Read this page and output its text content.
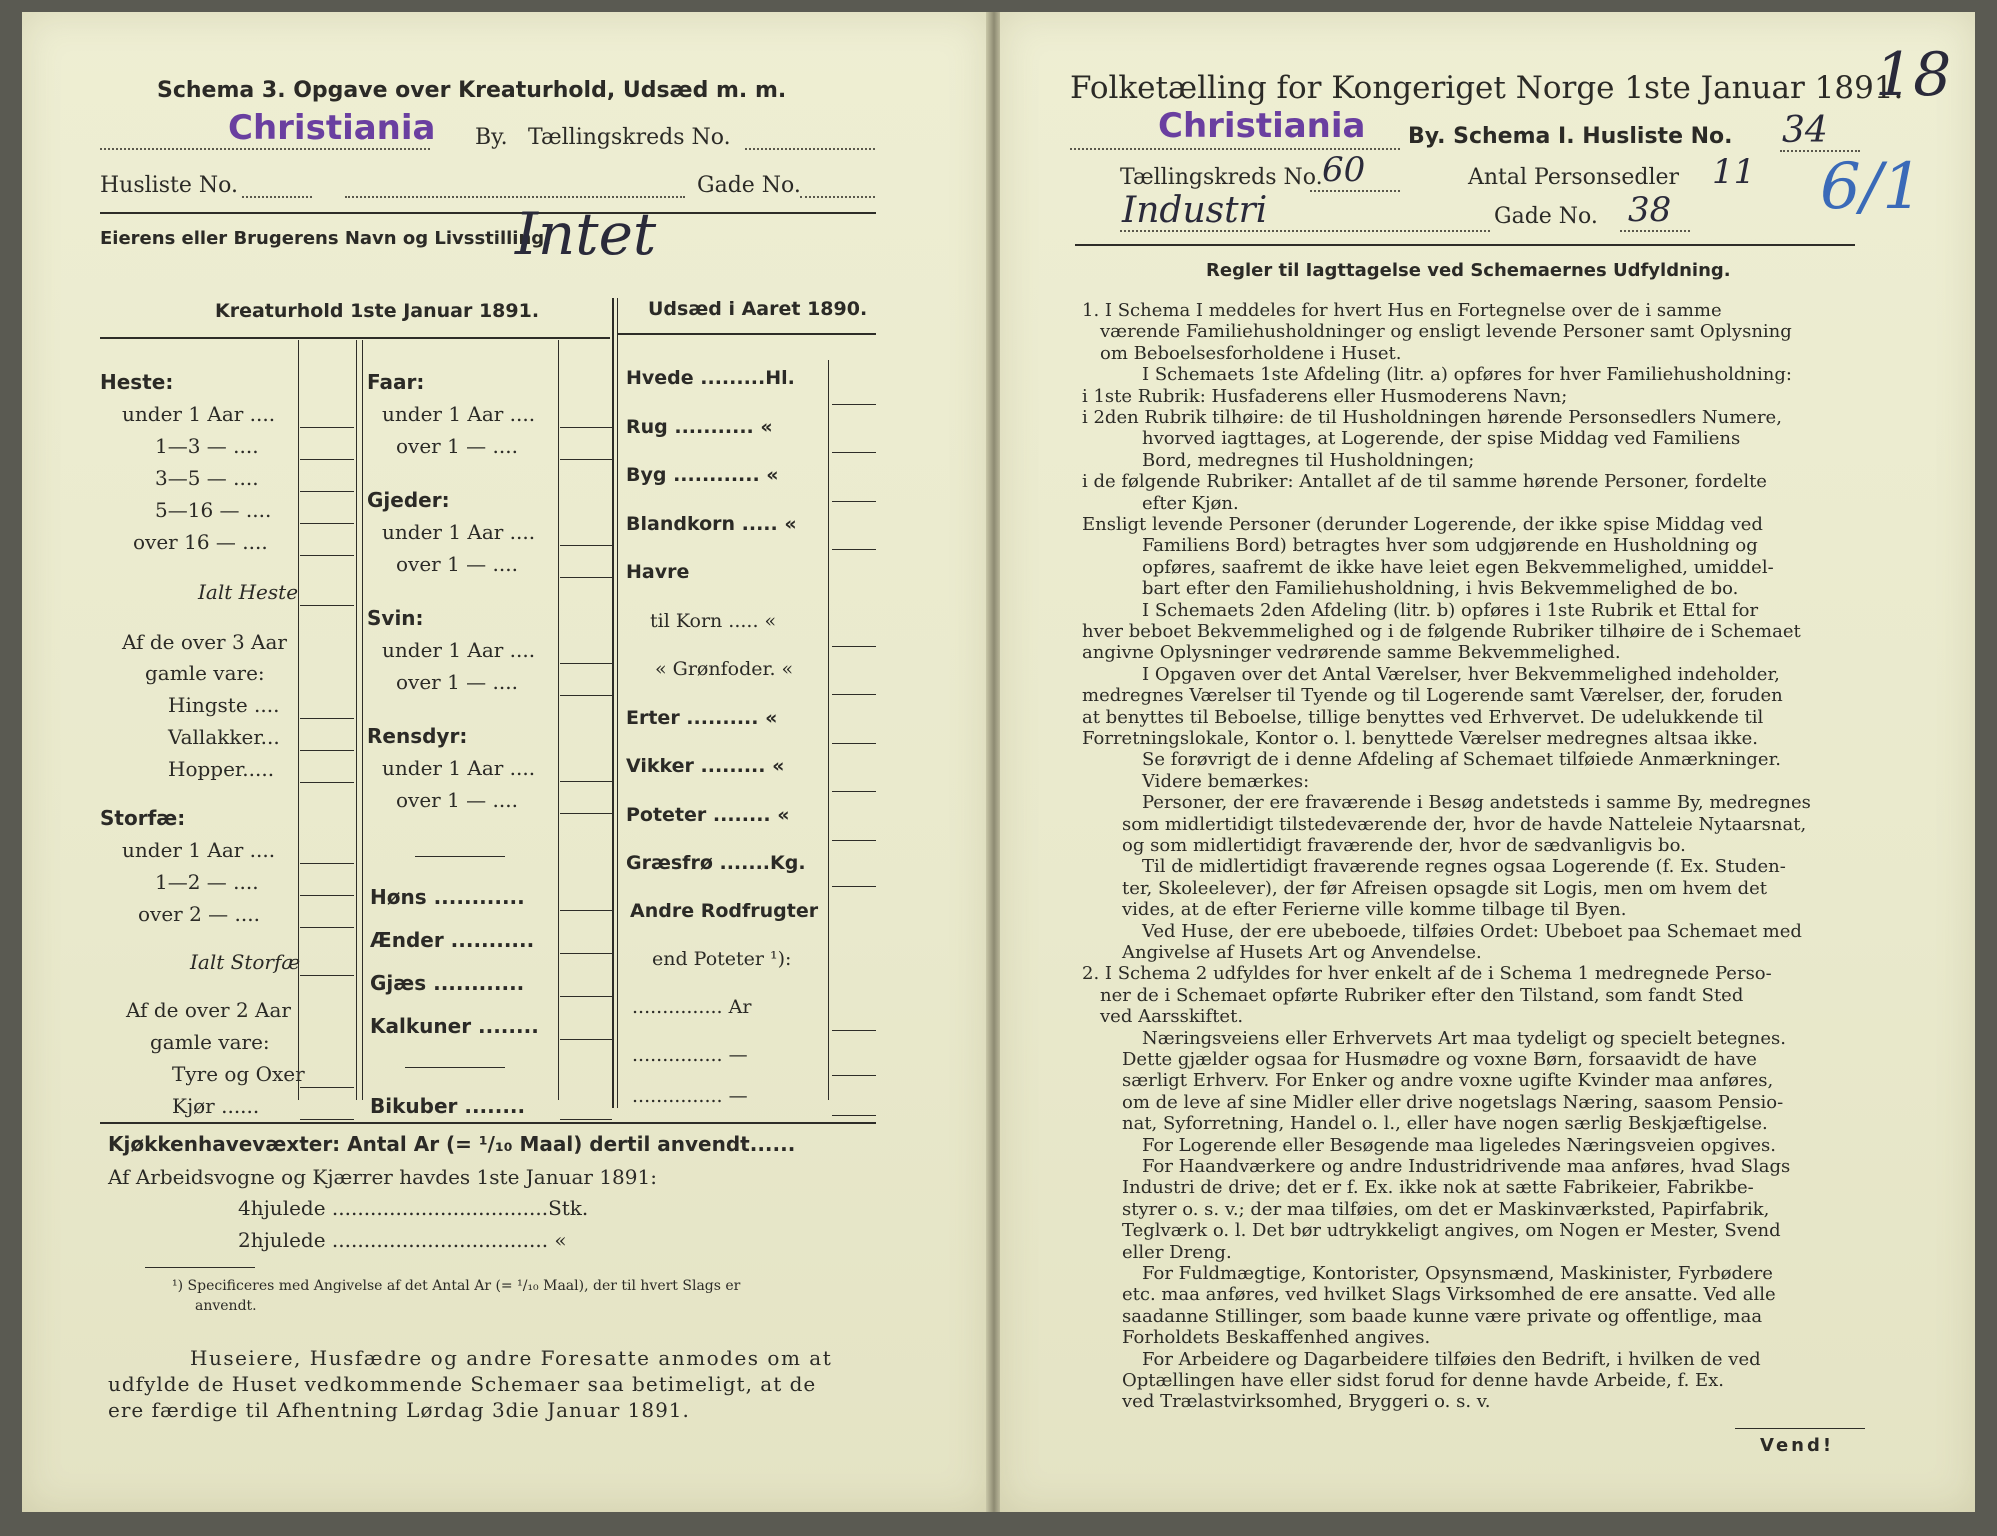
Schema 3. Opgave over Kreaturhold, Udsæd m. m.
Christiania By. Tællingskreds No.
Husliste No.	Gade No.
Eierens eller Brugerens Navn og Livsstilling:
Intet
Kreaturhold 1ste Januar 1891.	Udsæd i Aaret 1890.
Heste:
under 1 Aar ....
1—3 — ....
3—5 — ....
5—16 — ....
over 16 — ....
Ialt Heste
Af de over 3 Aar
gamle vare:
Hingste ....
Vallakker...
Hopper.....
Storfæ:
under 1 Aar ....
1—2 — ....
over 2 — ....
Ialt Storfæ
Af de over 2 Aar
gamle vare:
Tyre og Oxer
Kjør ......
Faar:
under 1 Aar ....
over 1 — ....
Gjeder:
under 1 Aar ....
over 1 — ....
Svin:
under 1 Aar ....
over 1 — ....
Rensdyr:
under 1 Aar ....
over 1 — ....
Høns ............
Ænder ...........
Gjæs ............
Kalkuner ........
Bikuber ........
Hvede .........Hl.
Rug ........... «
Byg ............ «
Blandkorn ..... «
Havre
til Korn ..... «
« Grønfoder. «
Erter .......... «
Vikker ......... «
Poteter ........ «
Græsfrø .......Kg.
Andre Rodfrugter
end Poteter ¹):
............... Ar
............... —
............... —
Kjøkkenhavevæxter: Antal Ar (= ¹/₁₀ Maal) dertil anvendt......
Af Arbeidsvogne og Kjærrer havdes 1ste Januar 1891:
4hjulede ..................................Stk.
2hjulede .................................. «
¹) Specificeres med Angivelse af det Antal Ar (= ¹/₁₀ Maal), der til hvert Slags er
anvendt.
Huseiere, Husfædre og andre Foresatte anmodes om at
udfylde de Huset vedkommende Schemaer saa betimeligt, at de
ere færdige til Afhentning Lørdag 3die Januar 1891.
Folketælling for Kongeriget Norge 1ste Januar 1891.
18
Christiania By. Schema I. Husliste No. 34
Tællingskreds No. 60	Antal Personsedler 11 6/1
Industri	Gade No. 38
Regler til Iagttagelse ved Schemaernes Udfyldning.
1. I Schema I meddeles for hvert Hus en Fortegnelse over de i samme
værende Familiehusholdninger og ensligt levende Personer samt Oplysning
om Beboelsesforholdene i Huset.
I Schemaets 1ste Afdeling (litr. a) opføres for hver Familiehusholdning:
i 1ste Rubrik: Husfaderens eller Husmoderens Navn;
i 2den Rubrik tilhøire: de til Husholdningen hørende Personsedlers Numere,
hvorved iagttages, at Logerende, der spise Middag ved Familiens
Bord, medregnes til Husholdningen;
i de følgende Rubriker: Antallet af de til samme hørende Personer, fordelte
efter Kjøn.
Ensligt levende Personer (derunder Logerende, der ikke spise Middag ved
Familiens Bord) betragtes hver som udgjørende en Husholdning og
opføres, saafremt de ikke have leiet egen Bekvemmelighed, umiddel-
bart efter den Familiehusholdning, i hvis Bekvemmelighed de bo.
I Schemaets 2den Afdeling (litr. b) opføres i 1ste Rubrik et Ettal for
hver beboet Bekvemmelighed og i de følgende Rubriker tilhøire de i Schemaet
angivne Oplysninger vedrørende samme Bekvemmelighed.
I Opgaven over det Antal Værelser, hver Bekvemmelighed indeholder,
medregnes Værelser til Tyende og til Logerende samt Værelser, der, foruden
at benyttes til Beboelse, tillige benyttes ved Erhvervet. De udelukkende til
Forretningslokale, Kontor o. l. benyttede Værelser medregnes altsaa ikke.
Se forøvrigt de i denne Afdeling af Schemaet tilføiede Anmærkninger.
Videre bemærkes:
Personer, der ere fraværende i Besøg andetsteds i samme By, medregnes
som midlertidigt tilstedeværende der, hvor de havde Natteleie Nytaarsnat,
og som midlertidigt fraværende der, hvor de sædvanligvis bo.
Til de midlertidigt fraværende regnes ogsaa Logerende (f. Ex. Studen-
ter, Skoleelever), der før Afreisen opsagde sit Logis, men om hvem det
vides, at de efter Ferierne ville komme tilbage til Byen.
Ved Huse, der ere ubeboede, tilføies Ordet: Ubeboet paa Schemaet med
Angivelse af Husets Art og Anvendelse.
2. I Schema 2 udfyldes for hver enkelt af de i Schema 1 medregnede Perso-
ner de i Schemaet opførte Rubriker efter den Tilstand, som fandt Sted
ved Aarsskiftet.
Næringsveiens eller Erhvervets Art maa tydeligt og specielt betegnes.
Dette gjælder ogsaa for Husmødre og voxne Børn, forsaavidt de have
særligt Erhverv. For Enker og andre voxne ugifte Kvinder maa anføres,
om de leve af sine Midler eller drive nogetslags Næring, saasom Pensio-
nat, Syforretning, Handel o. l., eller have nogen særlig Beskjæftigelse.
For Logerende eller Besøgende maa ligeledes Næringsveien opgives.
For Haandværkere og andre Industridrivende maa anføres, hvad Slags
Industri de drive; det er f. Ex. ikke nok at sætte Fabrikeier, Fabrikbe-
styrer o. s. v.; der maa tilføies, om det er Maskinværksted, Papirfabrik,
Teglværk o. l. Det bør udtrykkeligt angives, om Nogen er Mester, Svend
eller Dreng.
For Fuldmægtige, Kontorister, Opsynsmænd, Maskinister, Fyrbødere
etc. maa anføres, ved hvilket Slags Virksomhed de ere ansatte. Ved alle
saadanne Stillinger, som baade kunne være private og offentlige, maa
Forholdets Beskaffenhed angives.
For Arbeidere og Dagarbeidere tilføies den Bedrift, i hvilken de ved
Optællingen have eller sidst forud for denne havde Arbeide, f. Ex.
ved Trælastvirksomhed, Bryggeri o. s. v.
Vend!
